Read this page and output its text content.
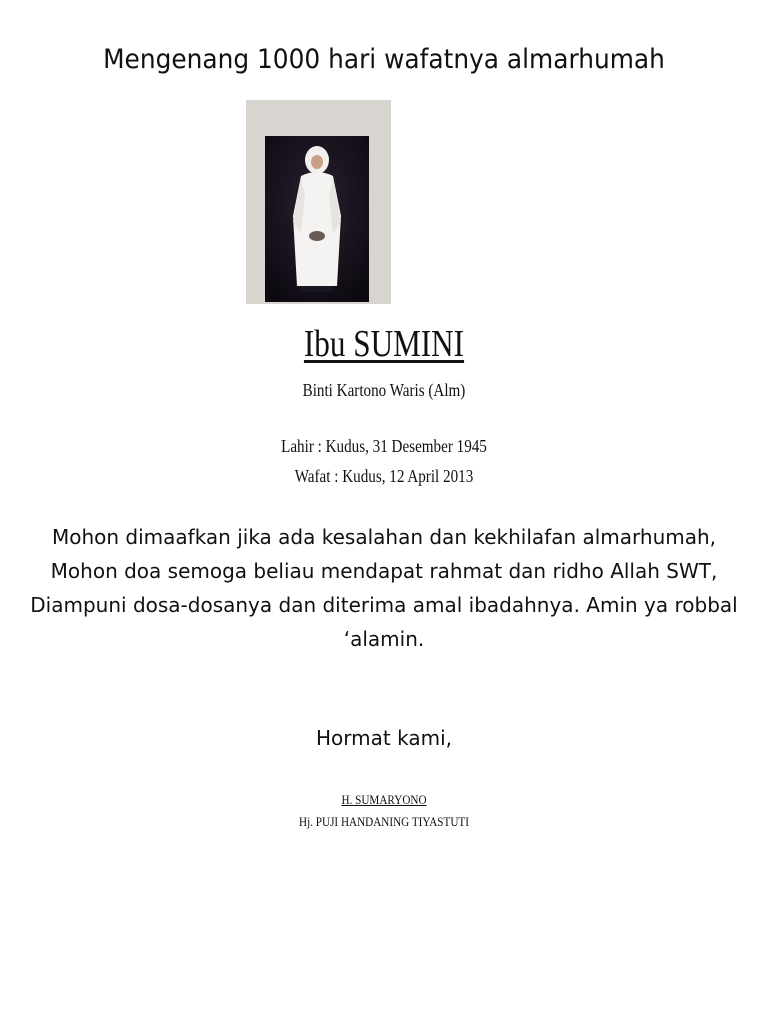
Mengenang 1000 hari wafatnya almarhumah
Ibu SUMINI
Binti Kartono Waris (Alm)
Lahir : Kudus, 31 Desember 1945
Wafat : Kudus, 12 April 2013
Mohon dimaafkan jika ada kesalahan dan kekhilafan almarhumah,
Mohon doa semoga beliau mendapat rahmat dan ridho Allah SWT,
Diampuni dosa-dosanya dan diterima amal ibadahnya. Amin ya robbal ‘alamin.
Hormat kami,
H. SUMARYONO
Hj. PUJI HANDANING TIYASTUTI
